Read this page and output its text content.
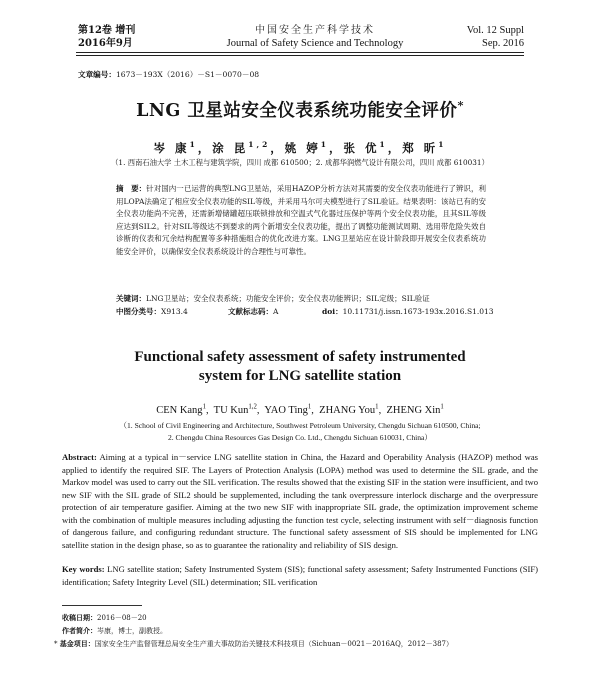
第12卷 增刊
2016年9月
中国安全生产科学技术
Journal of Safety Science and Technology
Vol. 12 Suppl
Sep. 2016
文章编号：1673－193X（2016）－S1－0070－08
LNG 卫星站安全仪表系统功能安全评价*
岑 康$^1$，涂 昆$^{1,2}$，姚 婷$^1$，张 优$^1$，郑 昕$^1$
（1. 西南石油大学 土木工程与建筑学院，四川 成都 610500；2. 成都华润燃气设计有限公司，四川 成都 610031）
摘　要：针对国内一已运营的典型LNG卫星站，采用HAZOP分析方法对其需要的安全仪表功能进行了辨识，利用LOPA法确定了相应安全仪表功能的SIL等级，并采用马尔可夫模型进行了SIL验证。结果表明：该站已有的安全仪表功能尚不完善，还需新增储罐超压联锁排放和空温式气化器过压保护等两个安全仪表功能，且其SIL等级应达到SIL2。针对SIL等级达不到要求的两个新增安全仪表功能，提出了调整功能测试周期、选用带危险失效自诊断的仪表和冗余结构配置等多种措施组合的优化改进方案。LNG卫星站应在设计阶段即开展安全仪表系统功能安全评价，以确保安全仪表系统设计的合理性与可靠性。
关键词：LNG卫星站；安全仪表系统；功能安全评价；安全仪表功能辨识；SIL定级；SIL验证
中图分类号：X913.4	文献标志码：A	doi：10.11731/j.issn.1673-193x.2016.S1.013
Functional safety assessment of safety instrumented
system for LNG satellite station
CEN Kang$^1$,  TU Kun$^{1,2}$,  YAO Ting$^1$,  ZHANG You$^1$,  ZHENG Xin$^1$
（1. School of Civil Engineering and Architecture, Southwest Petroleum University, Chengdu Sichuan 610500, China;
2. Chengdu China Resources Gas Design Co. Ltd., Chengdu Sichuan 610031, China）
Abstract: Aiming at a typical in－service LNG satellite station in China, the Hazard and Operability Analysis (HAZOP) method was applied to identify the required SIF. The Layers of Protection Analysis (LOPA) method was used to determine the SIL grade, and the Markov model was used to carry out the SIL verification. The results showed that the existing SIF in the station were insufficient, and two new SIF with the SIL grade of SIL2 should be supplemented, including the tank overpressure interlock discharge and the overpressure protection of air temperature gasifier. Aiming at the two new SIF with inappropriate SIL grade, the optimization improvement scheme with the combination of multiple measures including adjusting the function test cycle, selecting instrument with self－diagnosis function of dangerous failure, and configuring redundant structure. The functional safety assessment of SIS should be implemented for LNG satellite station in the design phase, so as to guarantee the rationality and reliability of SIS design.
Key words: LNG satellite station; Safety Instrumented System (SIS); functional safety assessment; Safety Instrumented Functions (SIF) identification; Safety Integrity Level (SIL) determination; SIL verification
收稿日期：2016－08－20
作者简介：岑康，博士，副教授。
* 基金项目：国家安全生产监督管理总局安全生产重大事故防治关键技术科技项目（Sichuan－0021－2016AQ，2012－387）
